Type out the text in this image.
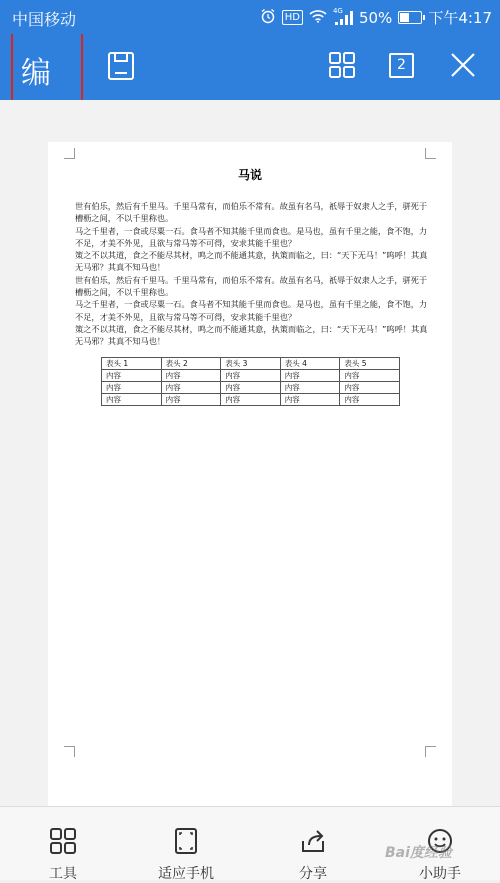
中国移动	HD
4G 50% 下午4:17
编	2
马说

世有伯乐，然后有千里马。千里马常有，而伯乐不常有。故虽有名马，祇辱于奴隶人之手，骈死于槽枥之间，不以千里称也。

马之千里者，一食或尽粟一石。食马者不知其能千里而食也。是马也，虽有千里之能，食不饱，力不足，才美不外见，且欲与常马等不可得，安求其能千里也？

策之不以其道，食之不能尽其材，鸣之而不能通其意，执策而临之，曰：“天下无马！”呜呼！其真无马邪？其真不知马也！

世有伯乐，然后有千里马。千里马常有，而伯乐不常有。故虽有名马，祇辱于奴隶人之手，骈死于槽枥之间，不以千里称也。

马之千里者，一食或尽粟一石。食马者不知其能千里而食也。是马也，虽有千里之能，食不饱，力不足，才美不外见，且欲与常马等不可得，安求其能千里也？

策之不以其道，食之不能尽其材，鸣之而不能通其意，执策而临之，曰：“天下无马！”呜呼！其真无马邪？其真不知马也！

表头 1	表头 2	表头 3	表头 4	表头 5
内容	内容	内容	内容	内容
内容	内容	内容	内容	内容
内容	内容	内容	内容	内容
工具	适应手机	分享	小助手
Bai度经验
